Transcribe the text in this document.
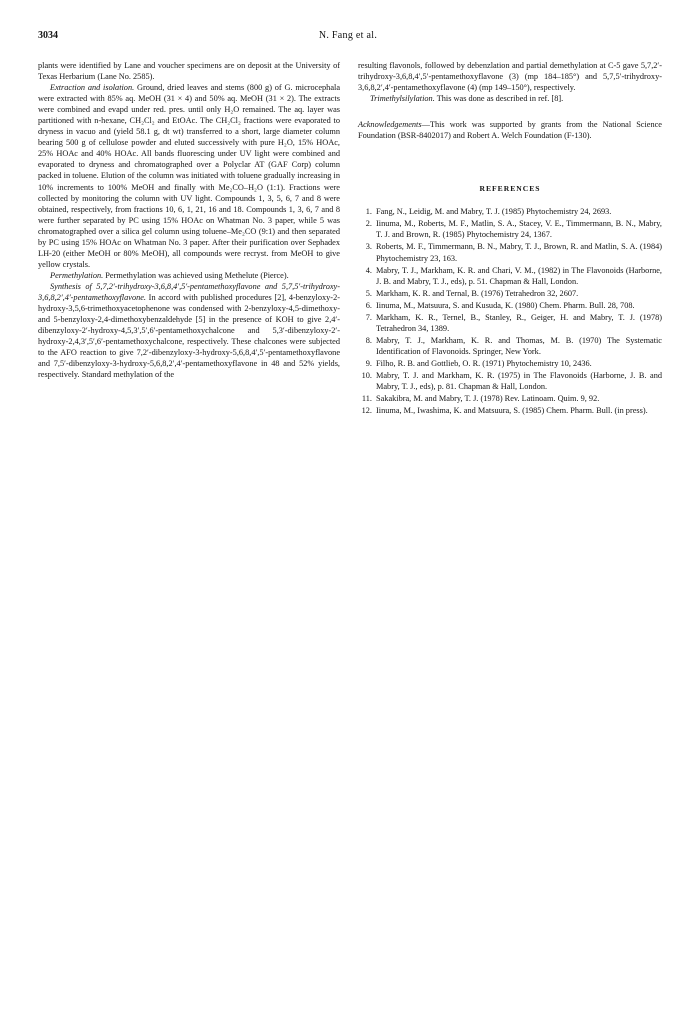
3034	N. Fang et al.

plants were identified by Lane and voucher specimens are on deposit at the University of Texas Herbarium (Lane No. 2585).

Extraction and isolation. Ground, dried leaves and stems (800 g) of G. microcephala were extracted with 85% aq. MeOH (31 × 4) and 50% aq. MeOH (31 × 2). The extracts were combined and evapd under red. pres. until only H₂O remained. The aq. layer was partitioned with n-hexane, CH₂Cl₂ and EtOAc. The CH₂Cl₂ fractions were evaporated to dryness in vacuo and (yield 58.1 g, dt wt) transferred to a short, large diameter column bearing 500 g of cellulose powder and eluted successively with pure H₂O, 15% HOAc, 25% HOAc and 40% HOAc. All bands fluorescing under UV light were combined and evaporated to dryness and chromatographed over a Polyclar AT (GAF Corp) column packed in toluene. Elution of the column was initiated with toluene gradually increasing in 10% increments to 100% MeOH and finally with Me₂CO–H₂O (1:1). Fractions were collected by monitoring the column with UV light. Compounds 1, 3, 5, 6, 7 and 8 were obtained, respectively, from fractions 10, 6, 1, 21, 16 and 18. Compounds 1, 3, 6, 7 and 8 were further separated by PC using 15% HOAc on Whatman No. 3 paper, while 5 was chromatographed over a silica gel column using toluene–Me₂CO (9:1) and then separated by PC using 15% HOAc on Whatman No. 3 paper. After their purification over Sephadex LH-20 (either MeOH or 80% MeOH), all compounds were recryst. from MeOH to give yellow crystals.

Permethylation. Permethylation was achieved using Methelute (Pierce).

Synthesis of 5,7,2′-trihydroxy-3,6,8,4′,5′-pentamethoxyflavone and 5,7,5′-trihydroxy-3,6,8,2′,4′-pentamethoxyflavone. In accord with published procedures [2], 4-benzyloxy-2-hydroxy-3,5,6-trimethoxyacetophenone was condensed with 2-benzyloxy-4,5-dimethoxy- and 5-benzyloxy-2,4-dimethoxybenzaldehyde [5] in the presence of KOH to give 2,4′-dibenzyloxy-2′-hydroxy-4,5,3′,5′,6′-pentamethoxychalcone and 5,3′-dibenzyloxy-2′-hydroxy-2,4,3′,5′,6′-pentamethoxychalcone, respectively. These chalcones were subjected to the AFO reaction to give 7,2′-dibenzyloxy-3-hydroxy-5,6,8,4′,5′-pentamethoxyflavone and 7,5′-dibenzyloxy-3-hydroxy-5,6,8,2′,4′-pentamethoxyflavone in 48 and 52% yields, respectively. Standard methylation of the

resulting flavonols, followed by debenzlation and partial demethylation at C-5 gave 5,7,2′-trihydroxy-3,6,8,4′,5′-pentamethoxyflavone (3) (mp 184–185°) and 5,7,5′-trihydroxy-3,6,8,2′,4′-pentamethoxyflavone (4) (mp 149–150°), respectively.

Trimethylsilylation. This was done as described in ref. [8].

Acknowledgements—This work was supported by grants from the National Science Foundation (BSR-8402017) and Robert A. Welch Foundation (F-130).

REFERENCES
1. Fang, N., Leidig, M. and Mabry, T. J. (1985) Phytochemistry 24, 2693.
2. Iinuma, M., Roberts, M. F., Matlin, S. A., Stacey, V. E., Timmermann, B. N., Mabry, T. J. and Brown, R. (1985) Phytochemistry 24, 1367.
3. Roberts, M. F., Timmermann, B. N., Mabry, T. J., Brown, R. and Matlin, S. A. (1984) Phytochemistry 23, 163.
4. Mabry, T. J., Markham, K. R. and Chari, V. M., (1982) in The Flavonoids (Harborne, J. B. and Mabry, T. J., eds), p. 51. Chapman & Hall, London.
5. Markham, K. R. and Ternal, B. (1976) Tetrahedron 32, 2607.
6. Iinuma, M., Matsuura, S. and Kusuda, K. (1980) Chem. Pharm. Bull. 28, 708.
7. Markham, K. R., Ternel, B., Stanley, R., Geiger, H. and Mabry, T. J. (1978) Tetrahedron 34, 1389.
8. Mabry, T. J., Markham, K. R. and Thomas, M. B. (1970) The Systematic Identification of Flavonoids. Springer, New York.
9. Filho, R. B. and Gottlieb, O. R. (1971) Phytochemistry 10, 2436.
10. Mabry, T. J. and Markham, K. R. (1975) in The Flavonoids (Harborne, J. B. and Mabry, T. J., eds), p. 81. Chapman & Hall, London.
11. Sakakibra, M. and Mabry, T. J. (1978) Rev. Latinoam. Quim. 9, 92.
12. Iinuma, M., Iwashima, K. and Matsuura, S. (1985) Chem. Pharm. Bull. (in press).
